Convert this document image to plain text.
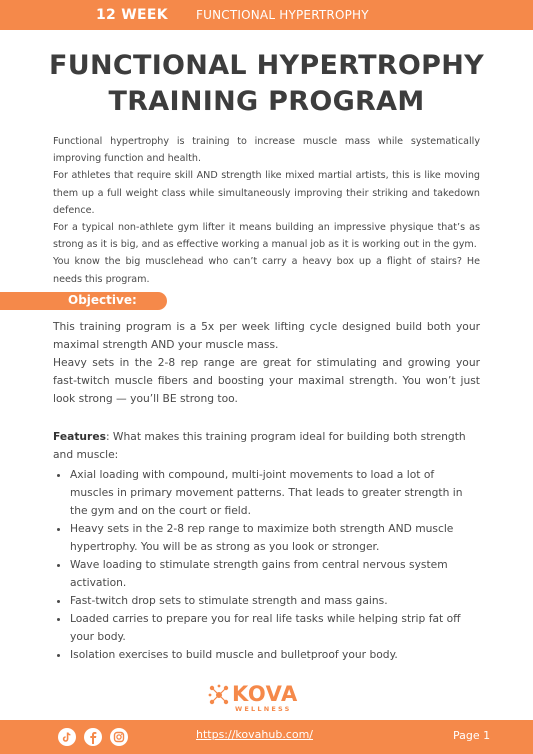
12 WEEK FUNCTIONAL HYPERTROPHY
FUNCTIONAL HYPERTROPHY
TRAINING PROGRAM

Functional hypertrophy is training to increase muscle mass while systematically improving function and health.

For athletes that require skill AND strength like mixed martial artists, this is like moving them up a full weight class while simultaneously improving their striking and takedown defence.

For a typical non-athlete gym lifter it means building an impressive physique that’s as strong as it is big, and as effective working a manual job as it is working out in the gym.

You know the big musclehead who can’t carry a heavy box up a flight of stairs? He needs this program.

Objective:

This training program is a 5x per week lifting cycle designed build both your maximal strength AND your muscle mass.

Heavy sets in the 2-8 rep range are great for stimulating and growing your fast-twitch muscle fibers and boosting your maximal strength. You won’t just look strong — you’ll BE strong too.

Features: What makes this training program ideal for building both strength and muscle:

• Axial loading with compound, multi-joint movements to load a lot of muscles in primary movement patterns. That leads to greater strength in the gym and on the court or field.
• Heavy sets in the 2-8 rep range to maximize both strength AND muscle hypertrophy. You will be as strong as you look or stronger.
• Wave loading to stimulate strength gains from central nervous system activation.
• Fast-twitch drop sets to stimulate strength and mass gains.
• Loaded carries to prepare you for real life tasks while helping strip fat off your body.
• Isolation exercises to build muscle and bulletproof your body.
KOVA
WELLNESS
https://kovahub.com/	Page 1
